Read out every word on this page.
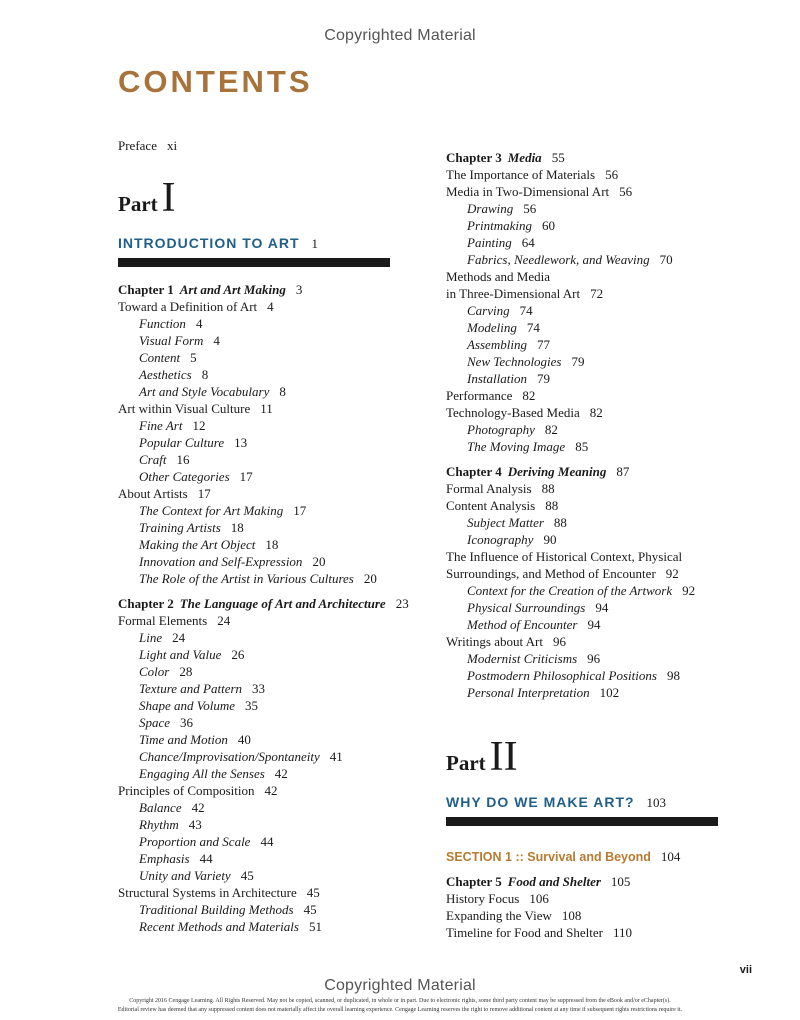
Copyrighted Material
CONTENTS
Preface xi
PartI
INTRODUCTION TO ART 1
Chapter 1 Art and Art Making 3
Toward a Definition of Art 4
Function 4
Visual Form 4
Content 5
Aesthetics 8
Art and Style Vocabulary 8
Art within Visual Culture 11
Fine Art 12
Popular Culture 13
Craft 16
Other Categories 17
About Artists 17
The Context for Art Making 17
Training Artists 18
Making the Art Object 18
Innovation and Self-Expression 20
The Role of the Artist in Various Cultures 20
Chapter 2 The Language of Art and Architecture 23
Formal Elements 24
Line 24
Light and Value 26
Color 28
Texture and Pattern 33
Shape and Volume 35
Space 36
Time and Motion 40
Chance/Improvisation/Spontaneity 41
Engaging All the Senses 42
Principles of Composition 42
Balance 42
Rhythm 43
Proportion and Scale 44
Emphasis 44
Unity and Variety 45
Structural Systems in Architecture 45
Traditional Building Methods 45
Recent Methods and Materials 51
Chapter 3 Media 55
The Importance of Materials 56
Media in Two-Dimensional Art 56
Drawing 56
Printmaking 60
Painting 64
Fabrics, Needlework, and Weaving 70
Methods and Media
in Three-Dimensional Art 72
Carving 74
Modeling 74
Assembling 77
New Technologies 79
Installation 79
Performance 82
Technology-Based Media 82
Photography 82
The Moving Image 85
Chapter 4 Deriving Meaning 87
Formal Analysis 88
Content Analysis 88
Subject Matter 88
Iconography 90
The Influence of Historical Context, Physical
Surroundings, and Method of Encounter 92
Context for the Creation of the Artwork 92
Physical Surroundings 94
Method of Encounter 94
Writings about Art 96
Modernist Criticisms 96
Postmodern Philosophical Positions 98
Personal Interpretation 102
PartII
WHY DO WE MAKE ART? 103
SECTION 1 :: Survival and Beyond 104
Chapter 5 Food and Shelter 105
History Focus 106
Expanding the View 108
Timeline for Food and Shelter 110
vii
Copyrighted Material
Copyright 2016 Cengage Learning. All Rights Reserved. May not be copied, scanned, or duplicated, in whole or in part. Due to electronic rights, some third party content may be suppressed from the eBook and/or eChapter(s).
Editorial review has deemed that any suppressed content does not materially affect the overall learning experience. Cengage Learning reserves the right to remove additional content at any time if subsequent rights restrictions require it.
